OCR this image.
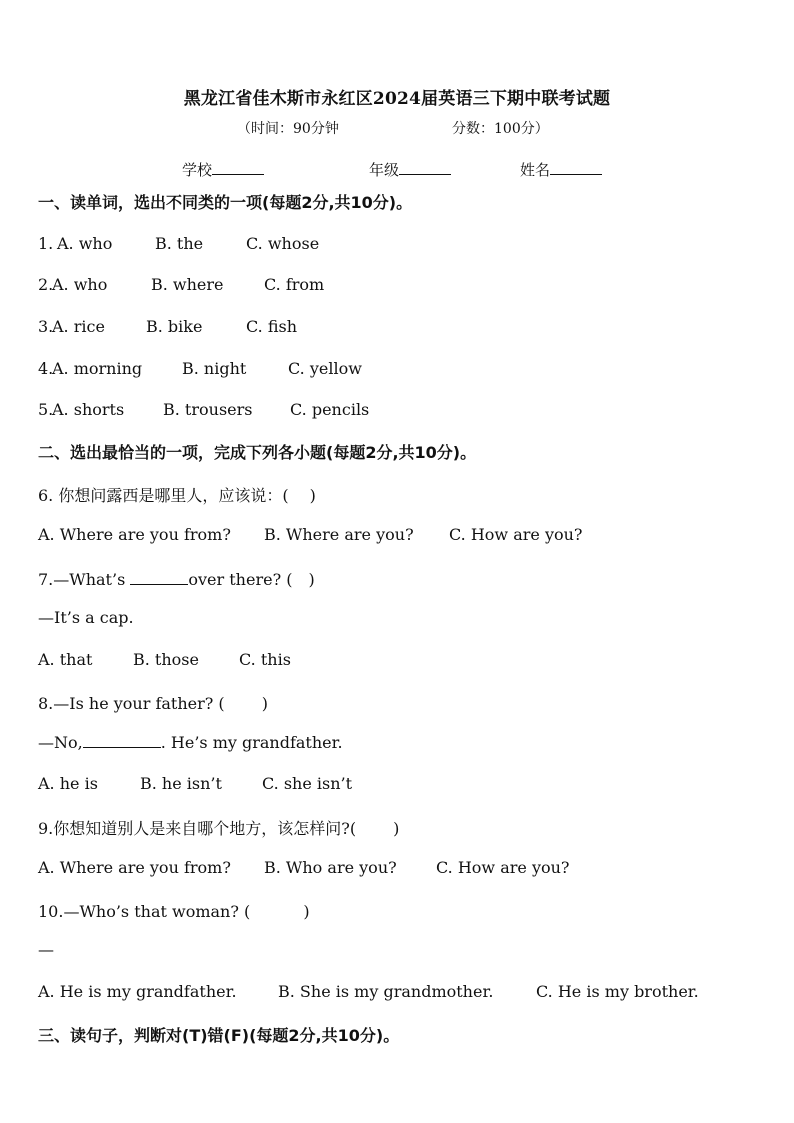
黑龙江省佳木斯市永红区2024届英语三下期中联考试题
（时间：90分钟	分数：100分）
学校	年级	姓名
一、读单词，选出不同类的一项(每题2分,共10分)。
1. A. who	B. the	C. whose
2.
A. who	B. where	C. from
3.
A. rice	B. bike	C. fish
4.
A. morning B. night	C. yellow
5.
A. shorts B. trousers C. pencils
二、选出最恰当的一项，完成下列各小题(每题2分,共10分)。
6. 你想问露西是哪里人，应该说：(　 )
A. Where are you from? B. Where are you? C. How are you?
7.—What’s	over there? (　)
—It’s a cap.
A. that	B. those	C. this
8.—Is he your father? (　 　)
—No,	. He’s my grandfather.
A. he is	B. he isn’t	C. she isn’t
9.你想知道别人是来自哪个地方，该怎样问?(　 　)
A. Where are you from? B. Who are you? C. How are you?
10.—Who’s that woman? (　　 　)
—
A. He is my grandfather.	B. She is my grandmother.	C. He is my brother.
三、读句子，判断对(T)错(F)(每题2分,共10分)。
